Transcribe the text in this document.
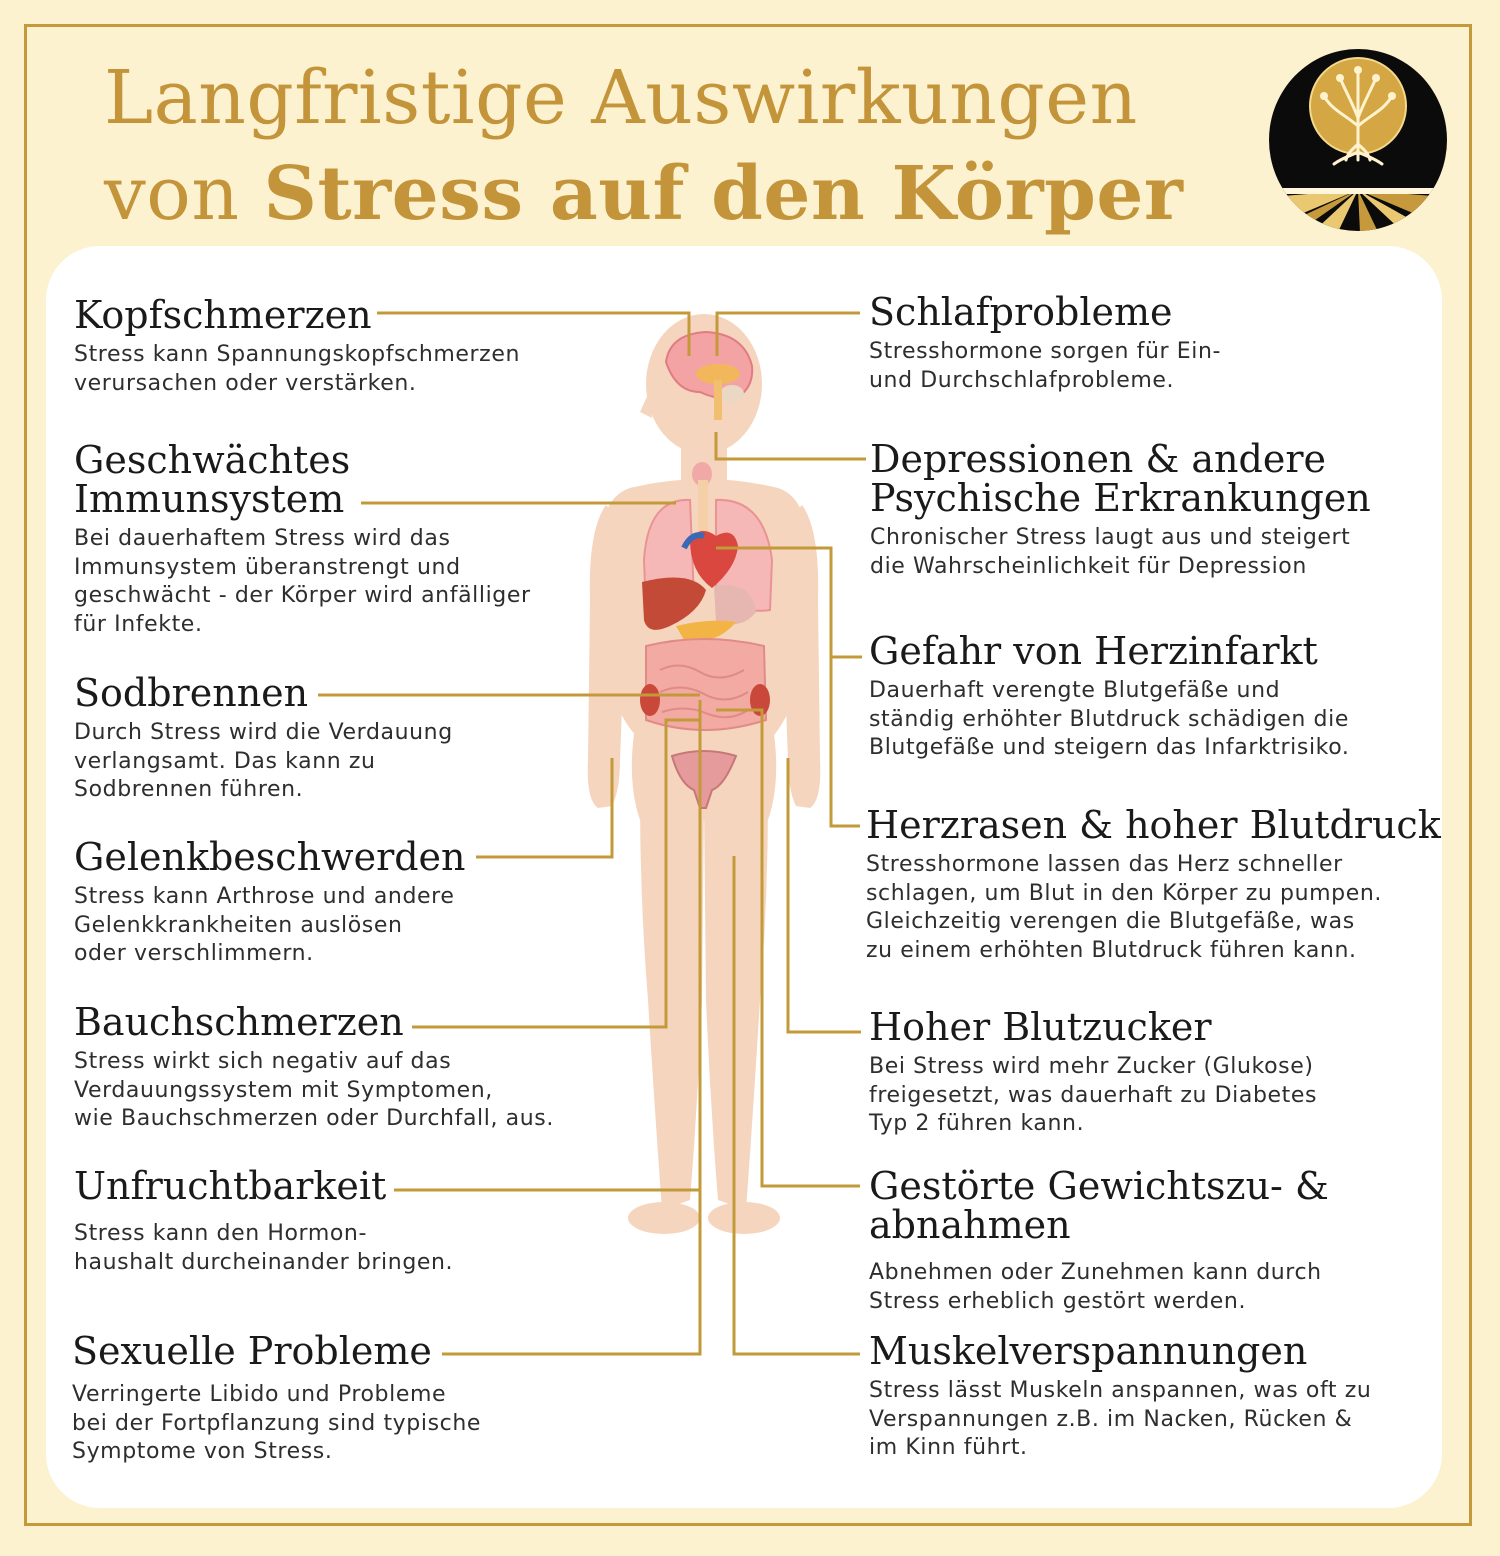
Langfristige Auswirkungen
von Stress auf den Körper
Kopfschmerzen

Stress kann Spannungskopfschmerzen
verursachen oder verstärken.

Geschwächtes
Immunsystem

Bei dauerhaftem Stress wird das
Immunsystem überanstrengt und
geschwächt - der Körper wird anfälliger
für Infekte.

Sodbrennen

Durch Stress wird die Verdauung
verlangsamt. Das kann zu
Sodbrennen führen.

Gelenkbeschwerden

Stress kann Arthrose und andere
Gelenkkrankheiten auslösen
oder verschlimmern.

Bauchschmerzen

Stress wirkt sich negativ auf das
Verdauungssystem mit Symptomen,
wie Bauchschmerzen oder Durchfall, aus.

Unfruchtbarkeit

Stress kann den Hormon-
haushalt durcheinander bringen.

Sexuelle Probleme

Verringerte Libido und Probleme
bei der Fortpflanzung sind typische
Symptome von Stress.

Schlafprobleme

Stresshormone sorgen für Ein-
und Durchschlafprobleme.

Depressionen & andere
Psychische Erkrankungen

Chronischer Stress laugt aus und steigert
die Wahrscheinlichkeit für Depression

Gefahr von Herzinfarkt

Dauerhaft verengte Blutgefäße und
ständig erhöhter Blutdruck schädigen die
Blutgefäße und steigern das Infarktrisiko.

Herzrasen & hoher Blutdruck

Stresshormone lassen das Herz schneller
schlagen, um Blut in den Körper zu pumpen.
Gleichzeitig verengen die Blutgefäße, was
zu einem erhöhten Blutdruck führen kann.

Hoher Blutzucker

Bei Stress wird mehr Zucker (Glukose)
freigesetzt, was dauerhaft zu Diabetes
Typ 2 führen kann.

Gestörte Gewichtszu- &
abnahmen

Abnehmen oder Zunehmen kann durch
Stress erheblich gestört werden.

Muskelverspannungen

Stress lässt Muskeln anspannen, was oft zu
Verspannungen z.B. im Nacken, Rücken &
im Kinn führt.
